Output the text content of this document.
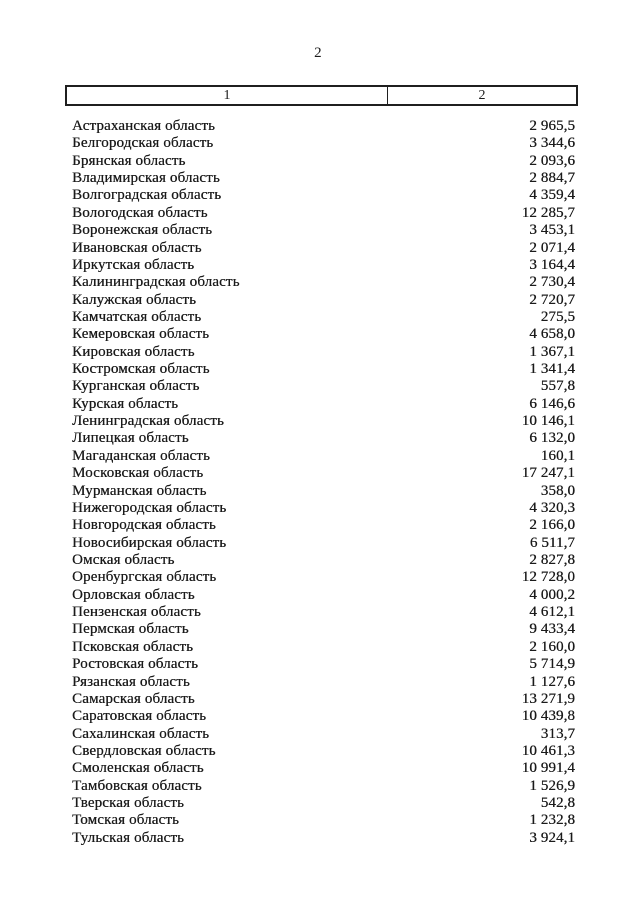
2
1	2
Астраханская область	2 965,5
Белгородская область	3 344,6
Брянская область	2 093,6
Владимирская область	2 884,7
Волгоградская область	4 359,4
Вологодская область	12 285,7
Воронежская область	3 453,1
Ивановская область	2 071,4
Иркутская область	3 164,4
Калининградская область	2 730,4
Калужская область	2 720,7
Камчатская область	275,5
Кемеровская область	4 658,0
Кировская область	1 367,1
Костромская область	1 341,4
Курганская область	557,8
Курская область	6 146,6
Ленинградская область	10 146,1
Липецкая область	6 132,0
Магаданская область	160,1
Московская область	17 247,1
Мурманская область	358,0
Нижегородская область	4 320,3
Новгородская область	2 166,0
Новосибирская область	6 511,7
Омская область	2 827,8
Оренбургская область	12 728,0
Орловская область	4 000,2
Пензенская область	4 612,1
Пермская область	9 433,4
Псковская область	2 160,0
Ростовская область	5 714,9
Рязанская область	1 127,6
Самарская область	13 271,9
Саратовская область	10 439,8
Сахалинская область	313,7
Свердловская область	10 461,3
Смоленская область	10 991,4
Тамбовская область	1 526,9
Тверская область	542,8
Томская область	1 232,8
Тульская область	3 924,1
